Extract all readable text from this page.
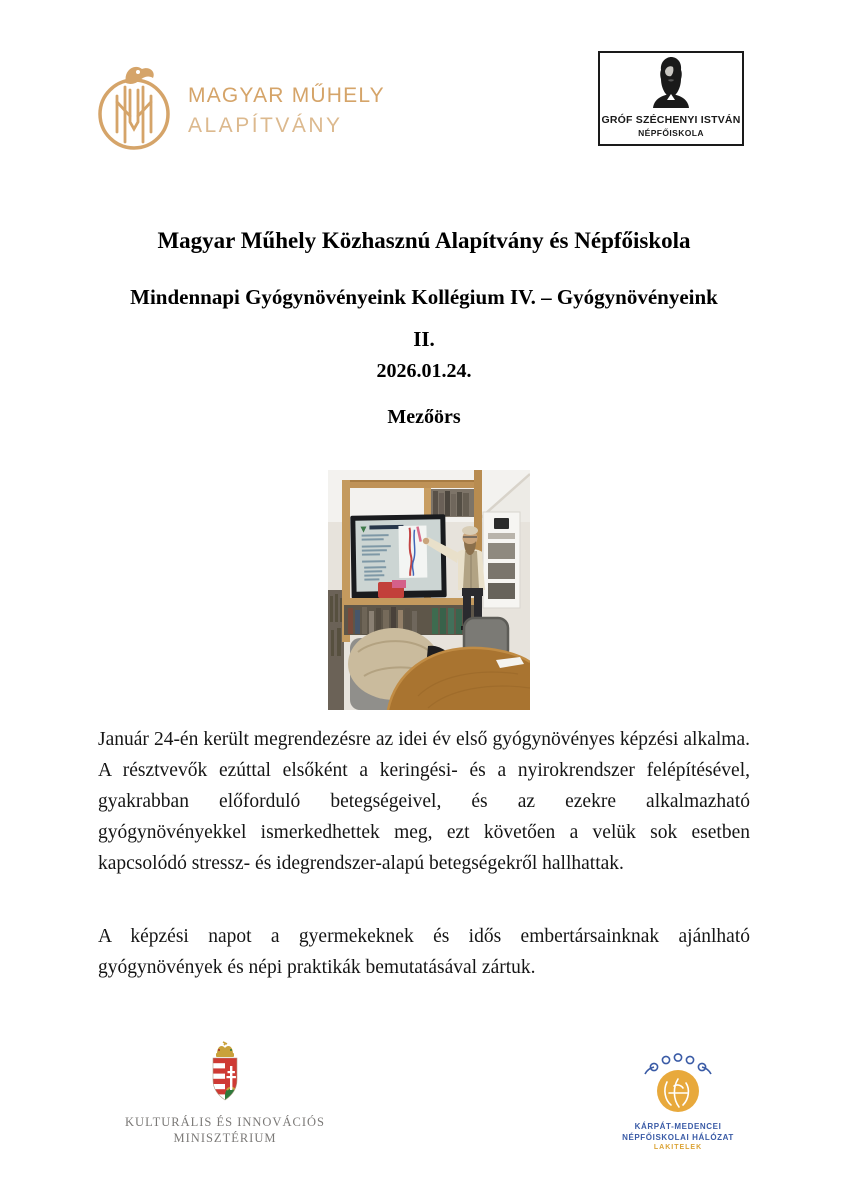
MAGYAR MŰHELY
ALAPÍTVÁNY	GRÓF SZÉCHENYI ISTVÁN
NÉPFŐISKOLA
Magyar Műhely Közhasznú Alapítvány és Népfőiskola
Mindennapi Gyógynövényeink Kollégium IV. – Gyógynövényeink
II.
2026.01.24.
Mezőörs

Január 24-én került megrendezésre az idei év első gyógynövényes képzési alkalma. A résztvevők ezúttal elsőként a keringési- és a nyirokrendszer felépítésével, gyakrabban előforduló betegségeivel, és az ezekre alkalmazható gyógynövényekkel ismerkedhettek meg, ezt követően a velük sok esetben kapcsolódó stressz- és idegrendszer-alapú betegségekről hallhattak.

A képzési napot a gyermekeknek és idős embertársainknak ajánlható gyógynövények és népi praktikák bemutatásával zártuk.

KULTURÁLIS ÉS INNOVÁCIÓS
MINISZTÉRIUM
KÁRPÁT-MEDENCEI
NÉPFŐISKOLAI HÁLÓZAT
LAKITELEK
